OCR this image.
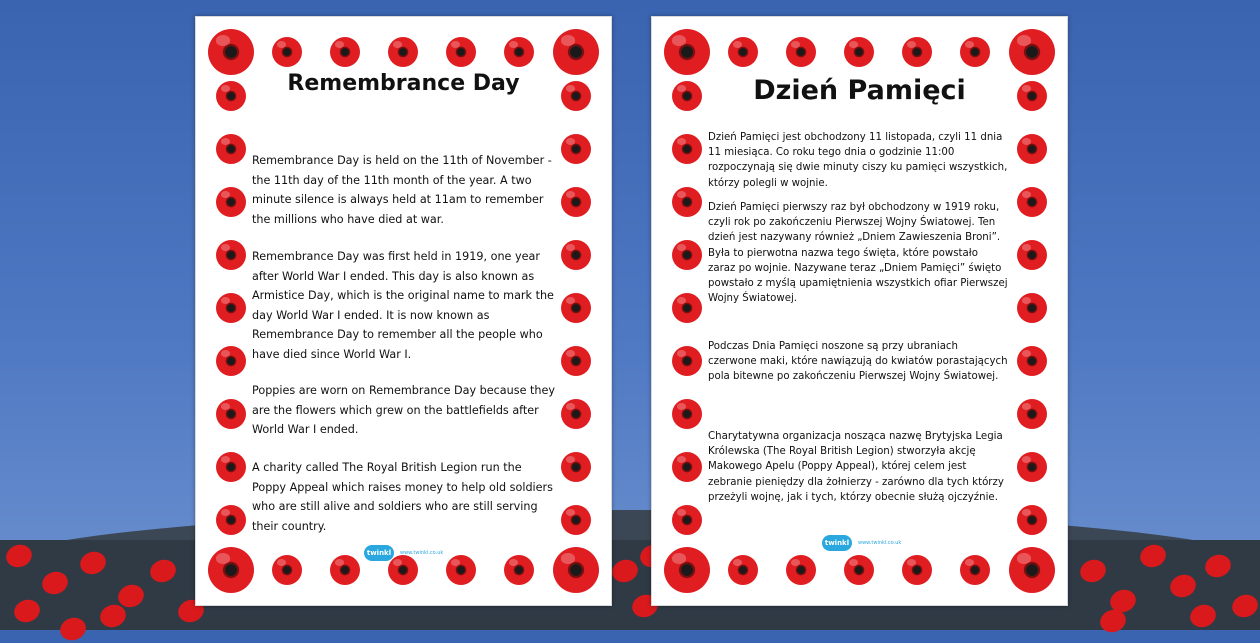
Remembrance Day
Remembrance Day is held on the 11th of November - the 11th day of the 11th month of the year. A two minute silence is always held at 11am to remember the millions who have died at war.
Remembrance Day was first held in 1919, one year after World War I ended. This day is also known as Armistice Day, which is the original name to mark the day World War I ended. It is now known as Remembrance Day to remember all the people who have died since World War I.
Poppies are worn on Remembrance Day because they are the flowers which grew on the battlefields after World War I ended.
A charity called The Royal British Legion run the Poppy Appeal which raises money to help old soldiers who are still alive and soldiers who are still serving their country.
twinkl	www.twinkl.co.uk
Dzień Pamięci
Dzień Pamięci jest obchodzony 11 listopada, czyli 11 dnia 11 miesiąca. Co roku tego dnia o godzinie 11:00 rozpoczynają się dwie minuty ciszy ku pamięci wszystkich, którzy polegli w wojnie.
Dzień Pamięci pierwszy raz był obchodzony w 1919 roku, czyli rok po zakończeniu Pierwszej Wojny Światowej. Ten dzień jest nazywany również „Dniem Zawieszenia Broni”. Była to pierwotna nazwa tego święta, które powstało zaraz po wojnie. Nazywane teraz „Dniem Pamięci” święto powstało z myślą upamiętnienia wszystkich ofiar Pierwszej Wojny Światowej.
Podczas Dnia Pamięci noszone są przy ubraniach czerwone maki, które nawiązują do kwiatów porastających pola bitewne po zakończeniu Pierwszej Wojny Światowej.
Charytatywna organizacja nosząca nazwę Brytyjska Legia Królewska (The Royal British Legion) stworzyła akcję Makowego Apelu (Poppy Appeal), której celem jest zebranie pieniędzy dla żołnierzy - zarówno dla tych którzy przeżyli wojnę, jak i tych, którzy obecnie służą ojczyźnie.
twinkl	www.twinkl.co.uk
